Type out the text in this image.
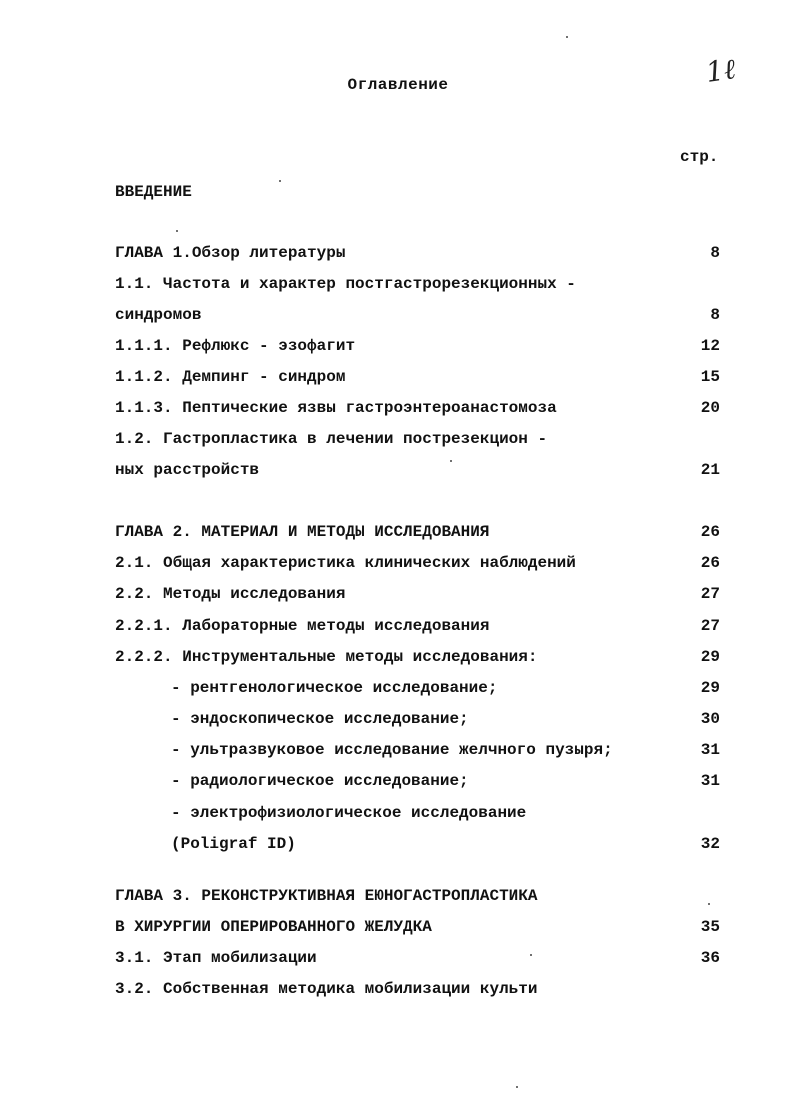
1ℓ
Оглавление
стр.
ВВЕДЕНИЕ
ГЛАВА 1.Обзор литературы	8
1.1. Частота и характер постгастрорезекционных -
синдромов	8
1.1.1. Рефлюкс - эзофагит	12
1.1.2. Демпинг - синдром	15
1.1.3. Пептические язвы гастроэнтероанастомоза	20
1.2. Гастропластика в лечении пострезекцион -
ных расстройств	21
ГЛАВА 2. МАТЕРИАЛ И МЕТОДЫ ИССЛЕДОВАНИЯ	26
2.1. Общая характеристика клинических наблюдений	26
2.2. Методы исследования	27
2.2.1. Лабораторные методы исследования	27
2.2.2. Инструментальные методы исследования:	29
- рентгенологическое исследование;	29
- эндоскопическое исследование;	30
- ультразвуковое исследование желчного пузыря;	31
- радиологическое исследование;	31
- электрофизиологическое исследование
(Poligraf ID)	32
ГЛАВА 3. РЕКОНСТРУКТИВНАЯ ЕЮНОГАСТРОПЛАСТИКА
В ХИРУРГИИ ОПЕРИРОВАННОГО ЖЕЛУДКА	35
3.1. Этап мобилизации	36
3.2. Собственная методика мобилизации культи
